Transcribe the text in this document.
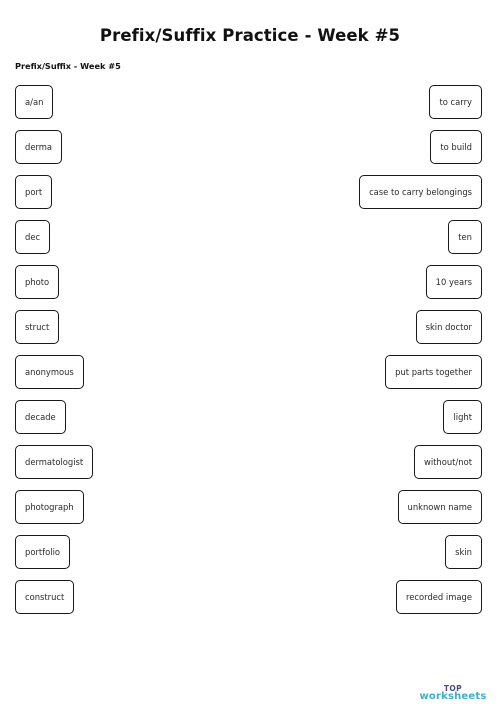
Prefix/Suffix Practice - Week #5
Prefix/Suffix - Week #5
a/an
derma
port
dec
photo
struct
anonymous
decade
dermatologist
photograph
portfolio
construct
to carry
to build
case to carry belongings
ten
10 years
skin doctor
put parts together
light
without/not
unknown name
skin
recorded image
TOP
worksheets
